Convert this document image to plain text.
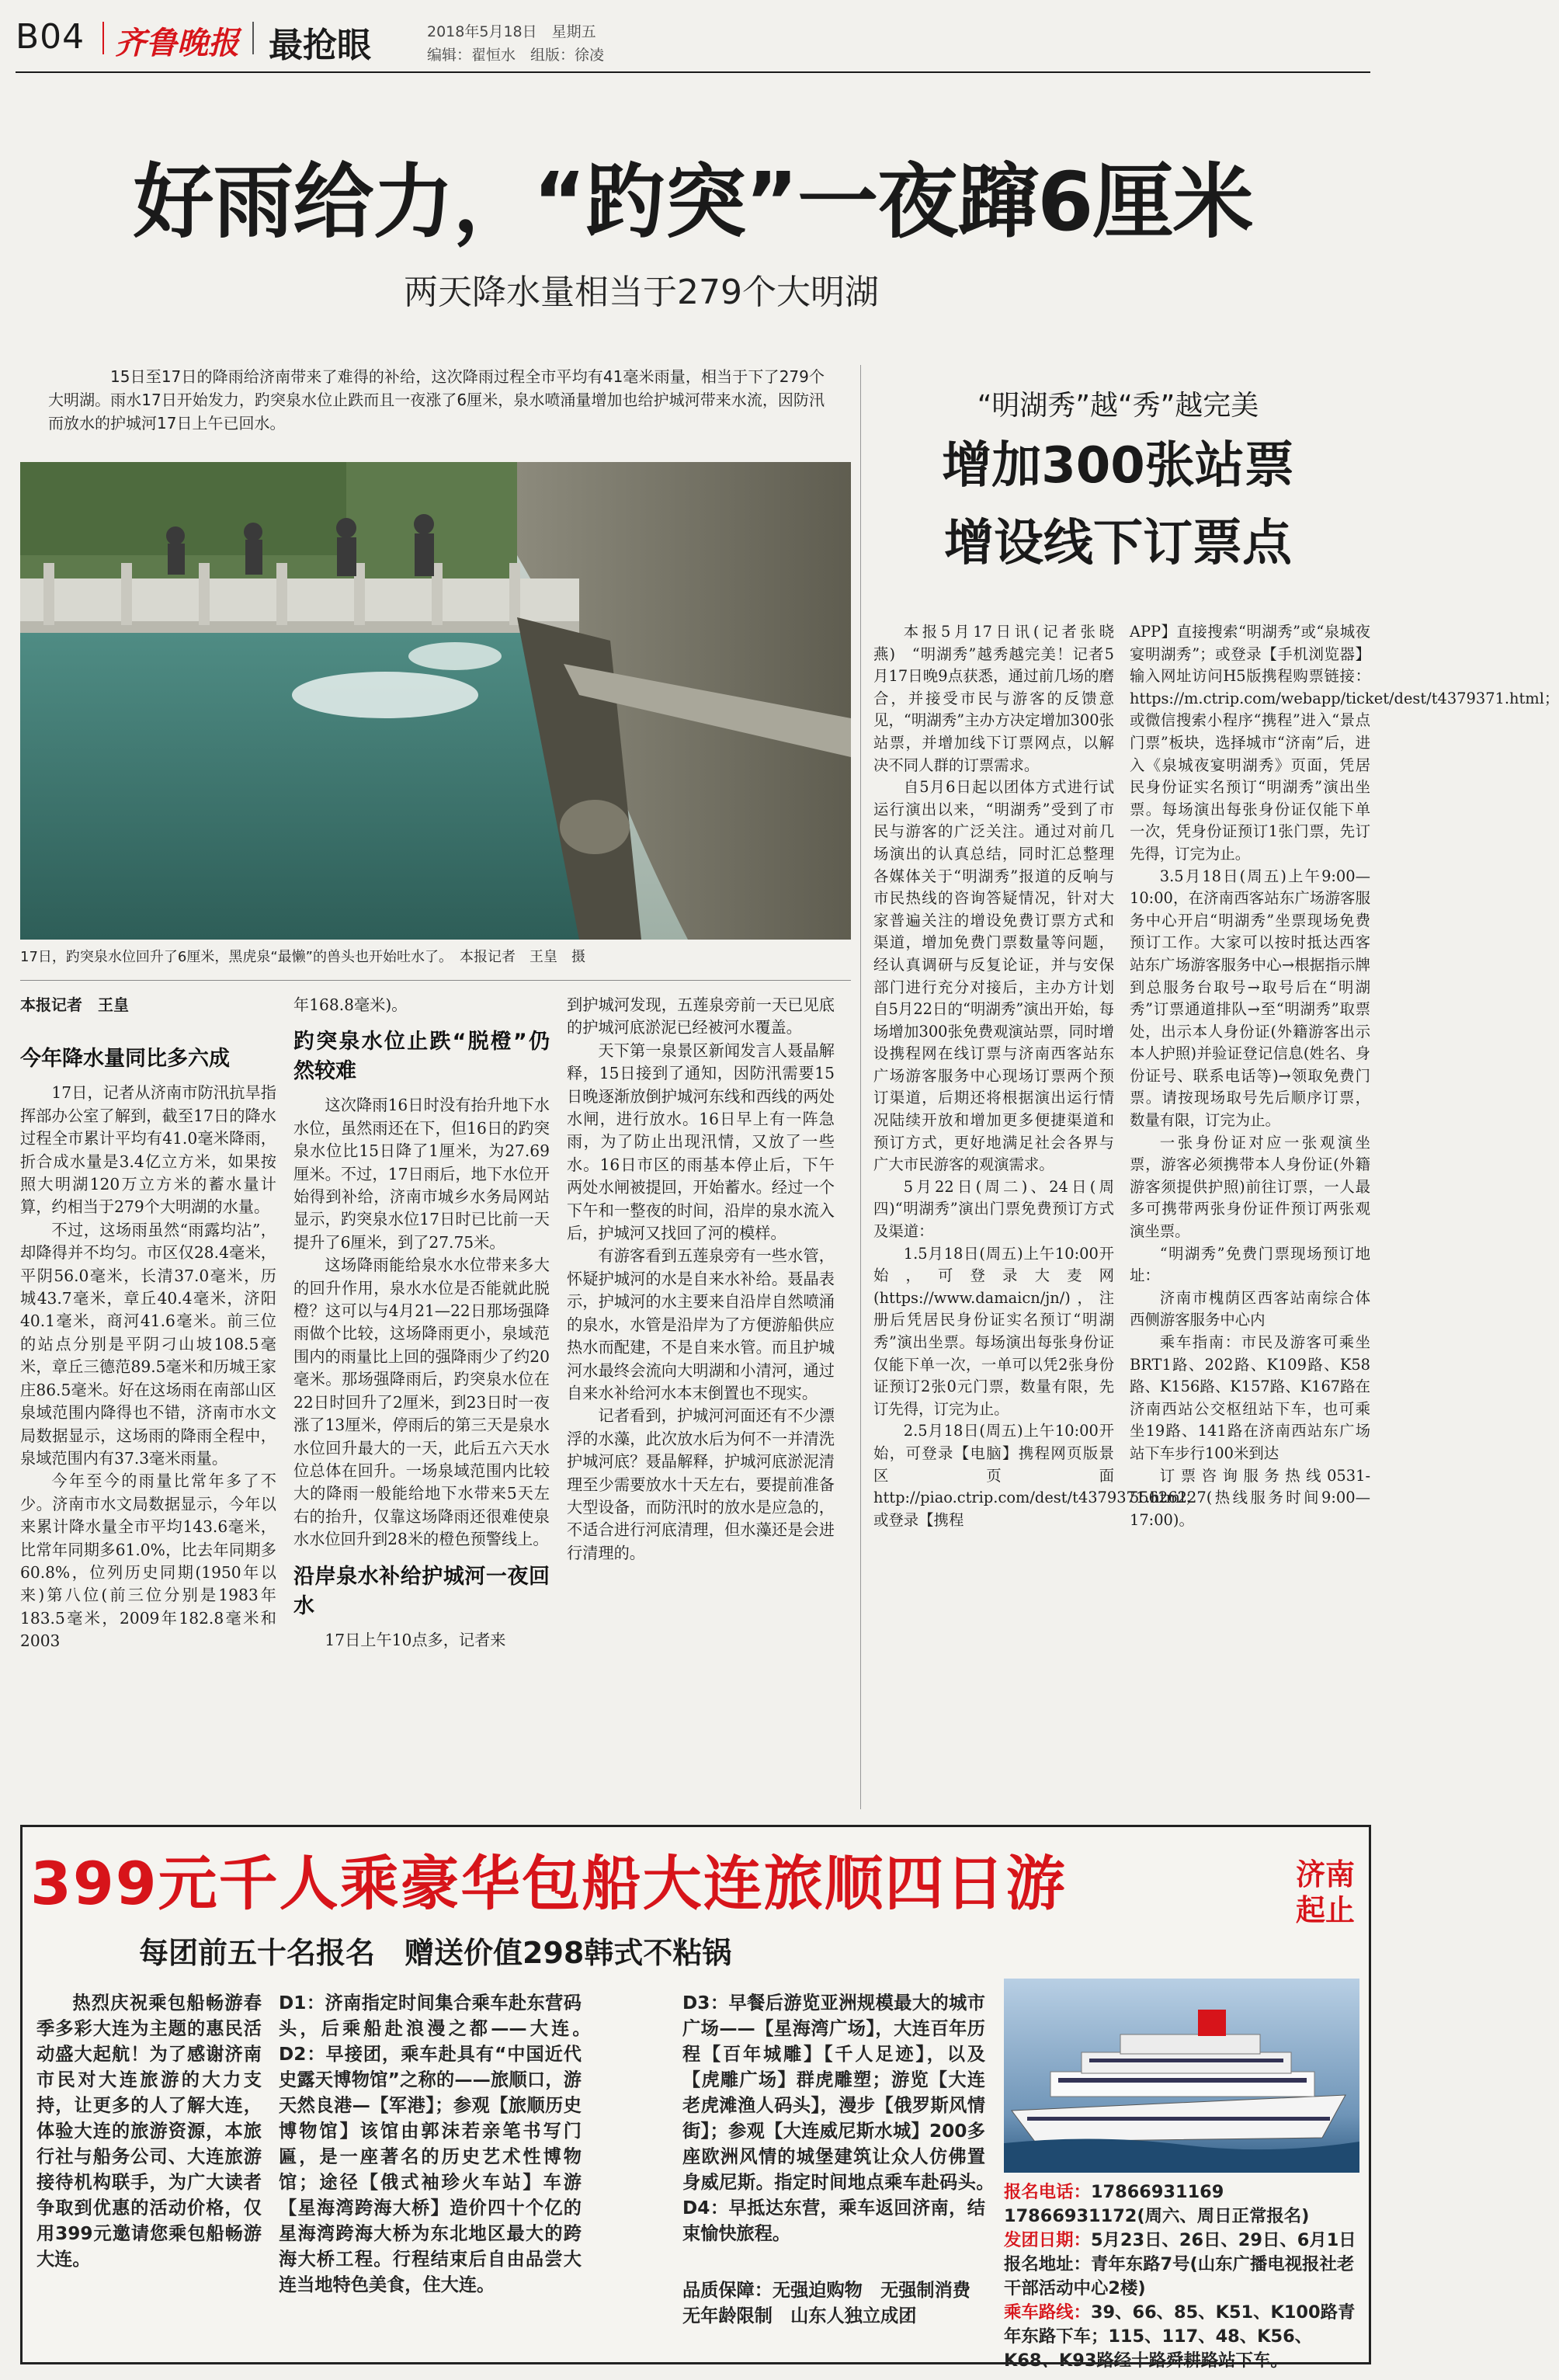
B04 齐鲁晚报 最抢眼	2018年5月18日　星期五
编辑：翟恒水　组版：徐凌
好雨给力，“趵突”一夜蹿6厘米
两天降水量相当于279个大明湖
15日至17日的降雨给济南带来了难得的补给，这次降雨过程全市平均有41毫米雨量，相当于下了279个大明湖。雨水17日开始发力，趵突泉水位止跌而且一夜涨了6厘米，泉水喷涌量增加也给护城河带来水流，因防汛而放水的护城河17日上午已回水。
17日，趵突泉水位回升了6厘米，黑虎泉“最懒”的兽头也开始吐水了。　本报记者　王皇　摄

本报记者　王皇

今年降水量同比多六成

17日，记者从济南市防汛抗旱指挥部办公室了解到，截至17日的降水过程全市累计平均有41.0毫米降雨，折合成水量是3.4亿立方米，如果按照大明湖120万立方米的蓄水量计算，约相当于279个大明湖的水量。

不过，这场雨虽然“雨露均沾”，却降得并不均匀。市区仅28.4毫米，平阴56.0毫米，长清37.0毫米，历城43.7毫米，章丘40.4毫米，济阳40.1毫米，商河41.6毫米。前三位的站点分别是平阴刁山坡108.5毫米，章丘三德范89.5毫米和历城王家庄86.5毫米。好在这场雨在南部山区泉域范围内降得也不错，济南市水文局数据显示，这场雨的降雨全程中，泉域范围内有37.3毫米雨量。

今年至今的雨量比常年多了不少。济南市水文局数据显示，今年以来累计降水量全市平均143.6毫米，比常年同期多61.0%，比去年同期多60.8%，位列历史同期(1950年以来)第八位(前三位分别是1983年183.5毫米，2009年182.8毫米和2003

年168.8毫米)。

趵突泉水位止跌“脱橙”仍然较难

这次降雨16日时没有抬升地下水水位，虽然雨还在下，但16日的趵突泉水位比15日降了1厘米，为27.69厘米。不过，17日雨后，地下水位开始得到补给，济南市城乡水务局网站显示，趵突泉水位17日时已比前一天提升了6厘米，到了27.75米。

这场降雨能给泉水水位带来多大的回升作用，泉水水位是否能就此脱橙？这可以与4月21—22日那场强降雨做个比较，这场降雨更小，泉域范围内的雨量比上回的强降雨少了约20毫米。那场强降雨后，趵突泉水位在22日时回升了2厘米，到23日时一夜涨了13厘米，停雨后的第三天是泉水水位回升最大的一天，此后五六天水位总体在回升。一场泉域范围内比较大的降雨一般能给地下水带来5天左右的抬升，仅靠这场降雨还很难使泉水水位回升到28米的橙色预警线上。

沿岸泉水补给护城河一夜回水

17日上午10点多，记者来

到护城河发现，五莲泉旁前一天已见底的护城河底淤泥已经被河水覆盖。

天下第一泉景区新闻发言人聂晶解释，15日接到了通知，因防汛需要15日晚逐渐放倒护城河东线和西线的两处水闸，进行放水。16日早上有一阵急雨，为了防止出现汛情，又放了一些水。16日市区的雨基本停止后，下午两处水闸被提回，开始蓄水。经过一个下午和一整夜的时间，沿岸的泉水流入后，护城河又找回了河的模样。

有游客看到五莲泉旁有一些水管，怀疑护城河的水是自来水补给。聂晶表示，护城河的水主要来自沿岸自然喷涌的泉水，水管是沿岸为了方便游船供应热水而配建，不是自来水管。而且护城河水最终会流向大明湖和小清河，通过自来水补给河水本末倒置也不现实。

记者看到，护城河河面还有不少漂浮的水藻，此次放水后为何不一并清洗护城河底？聂晶解释，护城河底淤泥清理至少需要放水十天左右，要提前准备大型设备，而防汛时的放水是应急的，不适合进行河底清理，但水藻还是会进行清理的。

“明湖秀”越“秀”越完美
增加300张站票
增设线下订票点

本报5月17日讯(记者张晓燕)　“明湖秀”越秀越完美！记者5月17日晚9点获悉，通过前几场的磨合，并接受市民与游客的反馈意见，“明湖秀”主办方决定增加300张站票，并增加线下订票网点，以解决不同人群的订票需求。

自5月6日起以团体方式进行试运行演出以来，“明湖秀”受到了市民与游客的广泛关注。通过对前几场演出的认真总结，同时汇总整理各媒体关于“明湖秀”报道的反响与市民热线的咨询答疑情况，针对大家普遍关注的增设免费订票方式和渠道，增加免费门票数量等问题，经认真调研与反复论证，并与安保部门进行充分对接后，主办方计划自5月22日的“明湖秀”演出开始，每场增加300张免费观演站票，同时增设携程网在线订票与济南西客站东广场游客服务中心现场订票两个预订渠道，后期还将根据演出运行情况陆续开放和增加更多便捷渠道和预订方式，更好地满足社会各界与广大市民游客的观演需求。

5月22日(周二)、24日(周四)“明湖秀”演出门票免费预订方式及渠道：

1.5月18日(周五)上午10:00开始，可登录大麦网(https://www.damaicn/jn/)，注册后凭居民身份证实名预订“明湖秀”演出坐票。每场演出每张身份证仅能下单一次，一单可以凭2张身份证预订2张0元门票，数量有限，先订先得，订完为止。

2.5月18日(周五)上午10:00开始，可登录【电脑】携程网页版景区页面http://piao.ctrip.com/dest/t4379371.html；或登录【携程

APP】直接搜索“明湖秀”或“泉城夜宴明湖秀”；或登录【手机浏览器】输入网址访问H5版携程购票链接：https://m.ctrip.com/webapp/ticket/dest/t4379371.html；或微信搜索小程序“携程”进入“景点门票”板块，选择城市“济南”后，进入《泉城夜宴明湖秀》页面，凭居民身份证实名预订“明湖秀”演出坐票。每场演出每张身份证仅能下单一次，凭身份证预订1张门票，先订先得，订完为止。

3.5月18日(周五)上午9:00—10:00，在济南西客站东广场游客服务中心开启“明湖秀”坐票现场免费预订工作。大家可以按时抵达西客站东广场游客服务中心→根据指示牌到总服务台取号→取号后在“明湖秀”订票通道排队→至“明湖秀”取票处，出示本人身份证(外籍游客出示本人护照)并验证登记信息(姓名、身份证号、联系电话等)→领取免费门票。请按现场取号先后顺序订票，数量有限，订完为止。

一张身份证对应一张观演坐票，游客必须携带本人身份证(外籍游客须提供护照)前往订票，一人最多可携带两张身份证件预订两张观演坐票。

“明湖秀”免费门票现场预订地址：

济南市槐荫区西客站南综合体西侧游客服务中心内

乘车指南：市民及游客可乘坐BRT1路、202路、K109路、K58路、K156路、K157路、K167路在济南西站公交枢纽站下车，也可乘坐19路、141路在济南西站东广场站下车步行100米到达

订票咨询服务热线0531-55626227(热线服务时间9:00—17:00)。

399元千人乘豪华包船大连旅顺四日游	济南
起止
每团前五十名报名　赠送价值298韩式不粘锅
热烈庆祝乘包船畅游春季多彩大连为主题的惠民活动盛大起航！为了感谢济南市民对大连旅游的大力支持，让更多的人了解大连，体验大连的旅游资源，本旅行社与船务公司、大连旅游接待机构联手，为广大读者争取到优惠的活动价格，仅用399元邀请您乘包船畅游大连。
D1：济南指定时间集合乘车赴东营码头，后乘船赴浪漫之都——大连。　D2：早接团，乘车赴具有“中国近代史露天博物馆”之称的——旅顺口，游天然良港—【军港】；参观【旅顺历史博物馆】该馆由郭沫若亲笔书写门匾，是一座著名的历史艺术性博物馆；途径【俄式袖珍火车站】车游【星海湾跨海大桥】造价四十个亿的星海湾跨海大桥为东北地区最大的跨海大桥工程。行程结束后自由品尝大连当地特色美食，住大连。
D3：早餐后游览亚洲规模最大的城市广场——【星海湾广场】，大连百年历程【百年城雕】【千人足迹】，以及【虎雕广场】群虎雕塑；游览【大连老虎滩渔人码头】，漫步【俄罗斯风情街】；参观【大连威尼斯水城】200多座欧洲风情的城堡建筑让众人仿佛置身威尼斯。指定时间地点乘车赴码头。　D4：早抵达东营，乘车返回济南，结束愉快旅程。
品质保障：无强迫购物　无强制消费　无年龄限制　山东人独立成团
报名电话：17866931169　17866931172(周六、周日正常报名)
发团日期：5月23日、26日、29日、6月1日
报名地址：青年东路7号(山东广播电视报社老干部活动中心2楼)
乘车路线：39、66、85、K51、K100路青年东路下车；115、117、48、K56、K68、K93路经十路舜耕路站下车。
